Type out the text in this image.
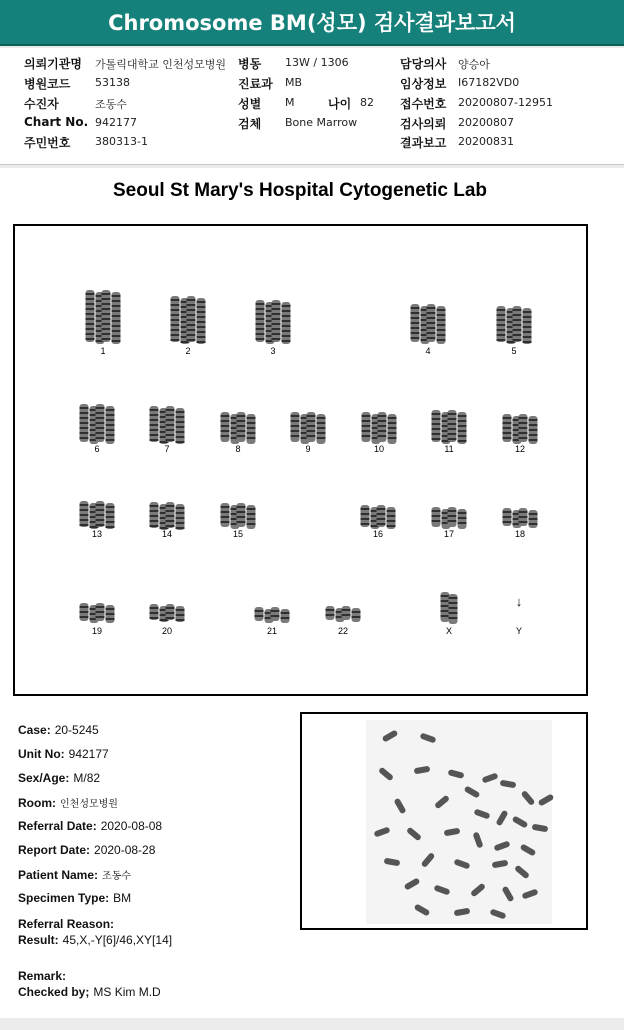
Chromosome BM(성모) 검사결과보고서
의뢰기관명 가톨릭대학교 인천성모병원 병동 13W / 1306	담당의사 양승아
병원코드 53138	진료과 MB	임상정보 I67182VD0
수진자	조동수	성별 M	나이 82 접수번호 20200807-12951
Chart No. 942177	검체 Bone Marrow	검사의뢰 20200807
주민번호 380313-1	결과보고 20200831
Seoul St Mary's Hospital Cytogenetic Lab
1	2	3	4	5
6	7	8	9	10	11	12
13	14	15	16	17	18
19	20	21	22	X	Y
↓
Case: 20-5245
Unit No: 942177
Sex/Age: M/82
Room: 인천성모병원
Referral Date: 2020-08-08
Report Date: 2020-08-28
Patient Name: 조동수
Specimen Type: BM
Referral Reason:
Result: 45,X,-Y[6]/46,XY[14]
Remark:
Checked by; MS Kim M.D
